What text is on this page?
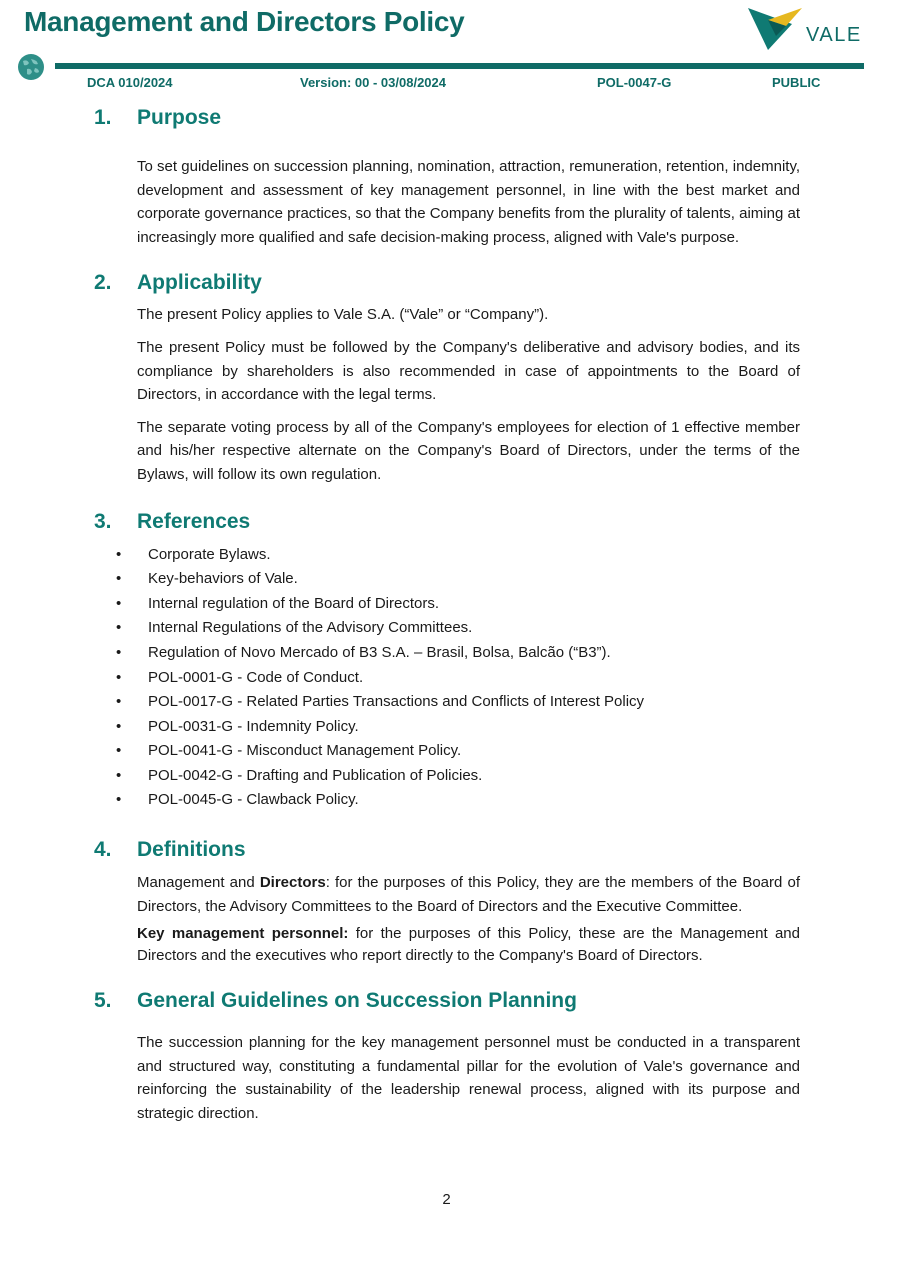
Management and Directors Policy	VALE
DCA 010/2024	Version: 00 - 03/08/2024	POL-0047-G	PUBLIC
1. Purpose

To set guidelines on succession planning, nomination, attraction, remuneration, retention, indemnity, development and assessment of key management personnel, in line with the best market and corporate governance practices, so that the Company benefits from the plurality of talents, aiming at increasingly more qualified and safe decision-making process, aligned with Vale's purpose.

2. Applicability

The present Policy applies to Vale S.A. (“Vale” or “Company”).

The present Policy must be followed by the Company's deliberative and advisory bodies, and its compliance by shareholders is also recommended in case of appointments to the Board of Directors, in accordance with the legal terms.

The separate voting process by all of the Company's employees for election of 1 effective member and his/her respective alternate on the Company's Board of Directors, under the terms of the Bylaws, will follow its own regulation.

3. References
• Corporate Bylaws.
• Key-behaviors of Vale.
• Internal regulation of the Board of Directors.
• Internal Regulations of the Advisory Committees.
• Regulation of Novo Mercado of B3 S.A. – Brasil, Bolsa, Balcão (“B3”).
• POL-0001-G - Code of Conduct.
• POL-0017-G - Related Parties Transactions and Conflicts of Interest Policy
• POL-0031-G - Indemnity Policy.
• POL-0041-G - Misconduct Management Policy.
• POL-0042-G - Drafting and Publication of Policies.
• POL-0045-G - Clawback Policy.
4. Definitions

Management and Directors: for the purposes of this Policy, they are the members of the Board of Directors, the Advisory Committees to the Board of Directors and the Executive Committee.

Key management personnel: for the purposes of this Policy, these are the Management and Directors and the executives who report directly to the Company's Board of Directors.

5. General Guidelines on Succession Planning

The succession planning for the key management personnel must be conducted in a transparent and structured way, constituting a fundamental pillar for the evolution of Vale's governance and reinforcing the sustainability of the leadership renewal process, aligned with its purpose and strategic direction.

2
